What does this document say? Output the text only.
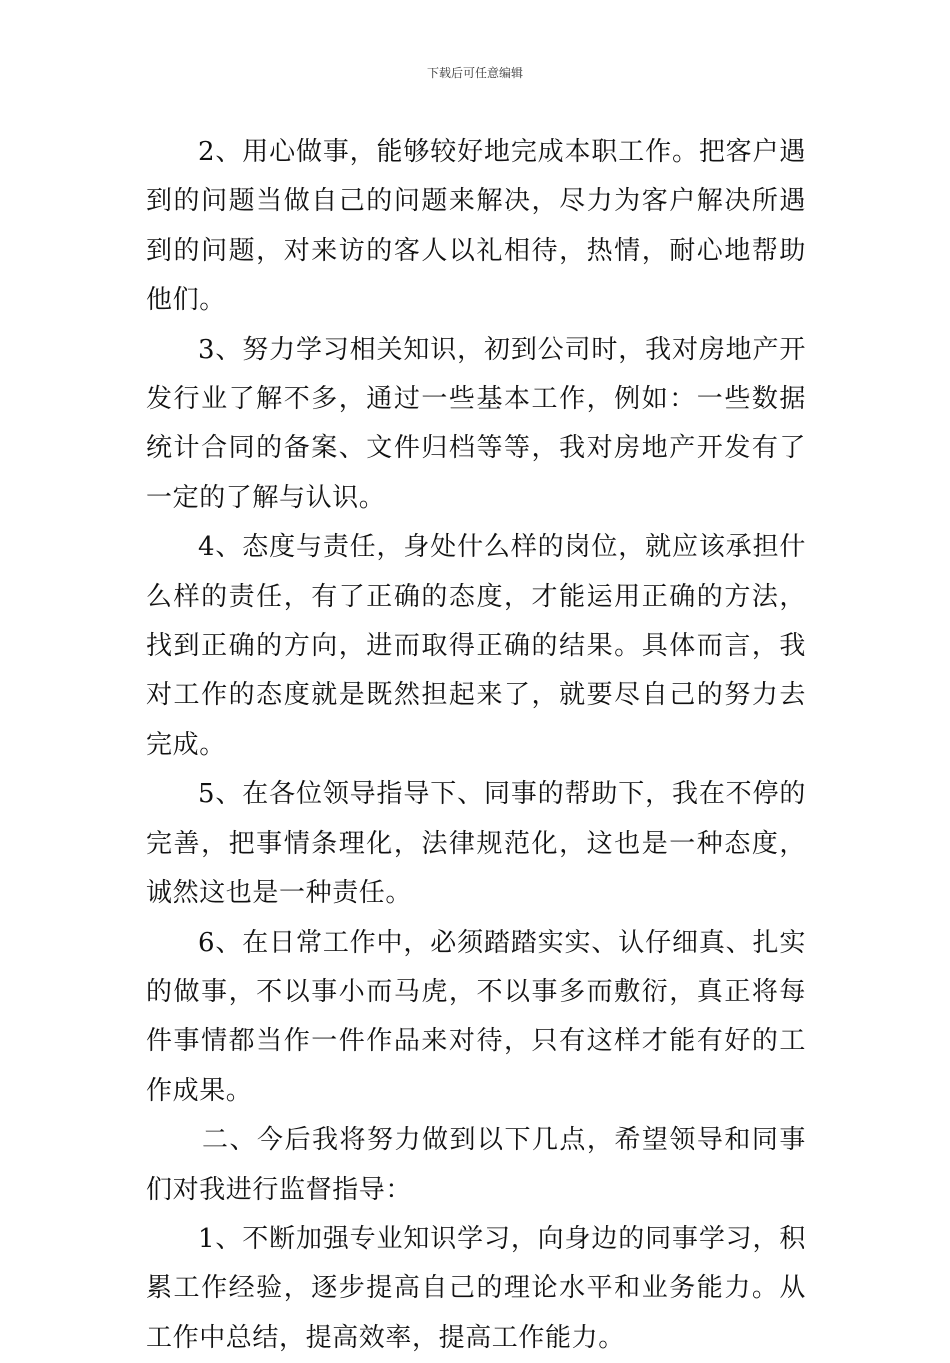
下载后可任意编辑

2、用心做事，能够较好地完成本职工作。把客户遇到的问题当做自己的问题来解决，尽力为客户解决所遇到的问题，对来访的客人以礼相待，热情，耐心地帮助他们。

3、努力学习相关知识，初到公司时，我对房地产开发行业了解不多，通过一些基本工作，例如：一些数据统计合同的备案、文件归档等等，我对房地产开发有了一定的了解与认识。

4、态度与责任，身处什么样的岗位，就应该承担什么样的责任，有了正确的态度，才能运用正确的方法，找到正确的方向，进而取得正确的结果。具体而言，我对工作的态度就是既然担起来了，就要尽自己的努力去完成。

5、在各位领导指导下、同事的帮助下，我在不停的完善，把事情条理化，法律规范化，这也是一种态度，诚然这也是一种责任。

6、在日常工作中，必须踏踏实实、认仔细真、扎实的做事，不以事小而马虎，不以事多而敷衍，真正将每件事情都当作一件作品来对待，只有这样才能有好的工作成果。

二、今后我将努力做到以下几点，希望领导和同事们对我进行监督指导：

1、不断加强专业知识学习，向身边的同事学习，积累工作经验，逐步提高自己的理论水平和业务能力。从工作中总结，提高效率，提高工作能力。
